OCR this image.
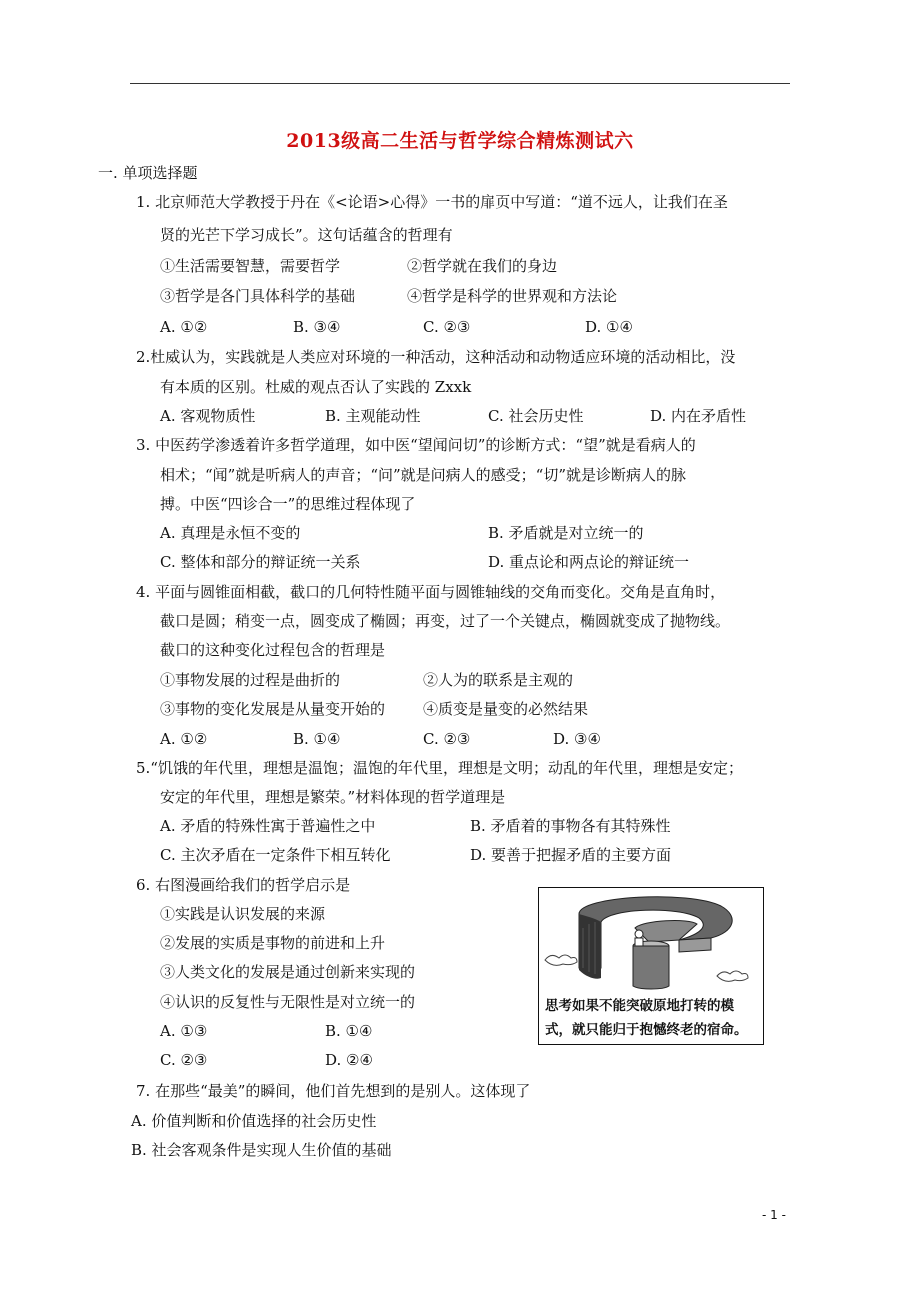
2013级高二生活与哲学综合精炼测试六
一. 单项选择题
1. 北京师范大学教授于丹在《<论语>心得》一书的扉页中写道：“道不远人，让我们在圣
贤的光芒下学习成长”。这句话蕴含的哲理有
①生活需要智慧，需要哲学	②哲学就在我们的身边
③哲学是各门具体科学的基础	④哲学是科学的世界观和方法论
A. ①②	B. ③④	C. ②③	D. ①④
2.杜威认为，实践就是人类应对环境的一种活动，这种活动和动物适应环境的活动相比，没
有本质的区别。杜威的观点否认了实践的 Zxxk
A. 客观物质性	B. 主观能动性	C. 社会历史性	D. 内在矛盾性
3. 中医药学渗透着许多哲学道理，如中医“望闻问切”的诊断方式：“望”就是看病人的
相术；“闻”就是听病人的声音；“问”就是问病人的感受；“切”就是诊断病人的脉
搏。中医“四诊合一”的思维过程体现了
A. 真理是永恒不变的	B. 矛盾就是对立统一的
C. 整体和部分的辩证统一关系	D. 重点论和两点论的辩证统一
4. 平面与圆锥面相截，截口的几何特性随平面与圆锥轴线的交角而变化。交角是直角时，
截口是圆；稍变一点，圆变成了椭圆；再变，过了一个关键点，椭圆就变成了抛物线。
截口的这种变化过程包含的哲理是
①事物发展的过程是曲折的	②人为的联系是主观的
③事物的变化发展是从量变开始的	④质变是量变的必然结果
A. ①②	B. ①④	C. ②③	D. ③④
5.“饥饿的年代里，理想是温饱；温饱的年代里，理想是文明；动乱的年代里，理想是安定；
安定的年代里，理想是繁荣。”材料体现的哲学道理是
A. 矛盾的特殊性寓于普遍性之中	B. 矛盾着的事物各有其特殊性
C. 主次矛盾在一定条件下相互转化	D. 要善于把握矛盾的主要方面
6. 右图漫画给我们的哲学启示是
①实践是认识发展的来源
②发展的实质是事物的前进和上升
③人类文化的发展是通过创新来实现的
④认识的反复性与无限性是对立统一的
A. ①③	B. ①④
C. ②③	D. ②④
思考如果不能突破原地打转的模
式，就只能归于抱憾终老的宿命。
7. 在那些“最美”的瞬间，他们首先想到的是别人。这体现了
A. 价值判断和价值选择的社会历史性
B. 社会客观条件是实现人生价值的基础
- 1 -
